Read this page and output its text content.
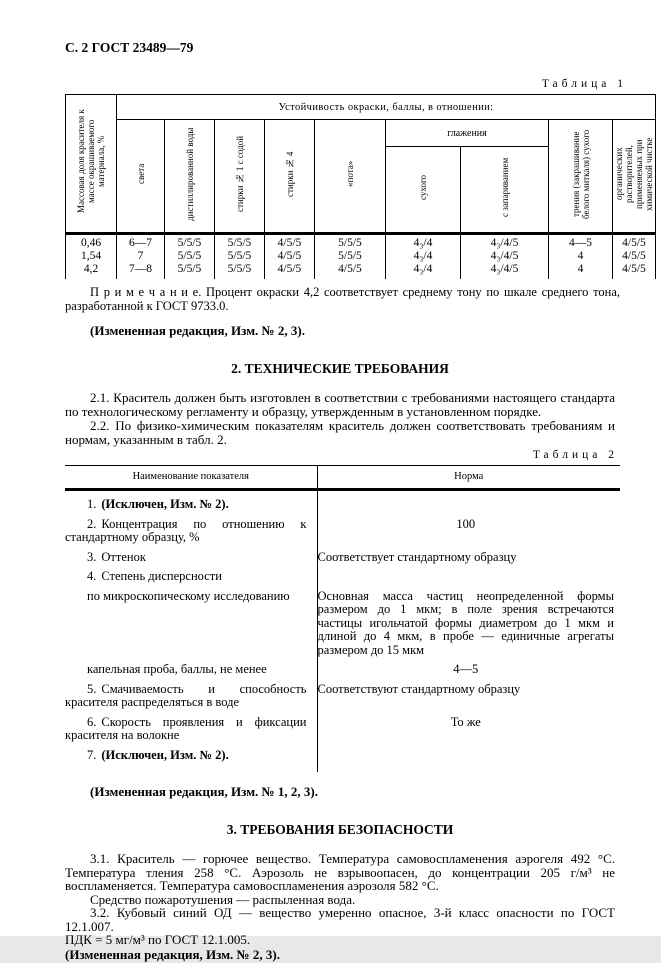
С. 2 ГОСТ 23489—79
Таблица 1
Массовая доля красителя к массе окрашиваемого материала, %	Устойчивость окраски, баллы, в отношении:								
	света	дистиллированной воды	стирки № 1 с содой	стирки № 4	«пота»	глажения		трения (закрашивание белого миткаля) сухого	органических растворителей, применяемых при химической чистке
						сухого	с запариванием		
0,46	6—7	5/5/5	5/5/5	4/5/5	5/5/5	4₃/4	4₃/4/5	4—5	4/5/5
1,54	7	5/5/5	5/5/5	4/5/5	5/5/5	4₃/4	4₃/4/5	4	4/5/5
4,2	7—8	5/5/5	5/5/5	4/5/5	4/5/5	4₃/4	4₃/4/5	4	4/5/5

П р и м е ч а н и е. Процент окраски 4,2 соответствует среднему тону по шкале среднего тона, разработанной к ГОСТ 9733.0.

(Измененная редакция, Изм. № 2, 3).

2. ТЕХНИЧЕСКИЕ ТРЕБОВАНИЯ

2.1. Краситель должен быть изготовлен в соответствии с требованиями настоящего стандарта по технологическому регламенту и образцу, утвержденным в установленном порядке.

2.2. По физико-химическим показателям краситель должен соответствовать требованиям и нормам, указанным в табл. 2.

Таблица 2
Наименование показателя	Норма
1. (Исключен, Изм. № 2).	
2. Концентрация по отношению к стандартному образцу, %	100
3. Оттенок	Соответствует стандартному образцу
4. Степень дисперсности	
по микроскопическому исследованию	Основная масса частиц неопределенной формы размером до 1 мкм; в поле зрения встречаются частицы игольчатой формы диаметром до 1 мкм и длиной до 4 мкм, в пробе — единичные агрегаты размером до 15 мкм
капельная проба, баллы, не менее	4—5
5. Смачиваемость и способность красителя распределяться в воде	Соответствуют стандартному образцу
6. Скорость проявления и фиксации красителя на волокне	То же
7. (Исключен, Изм. № 2).	

(Измененная редакция, Изм. № 1, 2, 3).

3. ТРЕБОВАНИЯ БЕЗОПАСНОСТИ

3.1. Краситель — горючее вещество. Температура самовоспламенения аэрогеля 492 °С. Температура тления 258 °С. Аэрозоль не взрывоопасен, до концентрации 205 г/м³ не воспламеняется. Температура самовоспламенения аэрозоля 582 °С.

Средство пожаротушения — распыленная вода.

3.2. Кубовый синий ОД — вещество умеренно опасное, 3-й класс опасности по ГОСТ 12.1.007.

ПДК = 5 мг/м³ по ГОСТ 12.1.005.

(Измененная редакция, Изм. № 2, 3).
